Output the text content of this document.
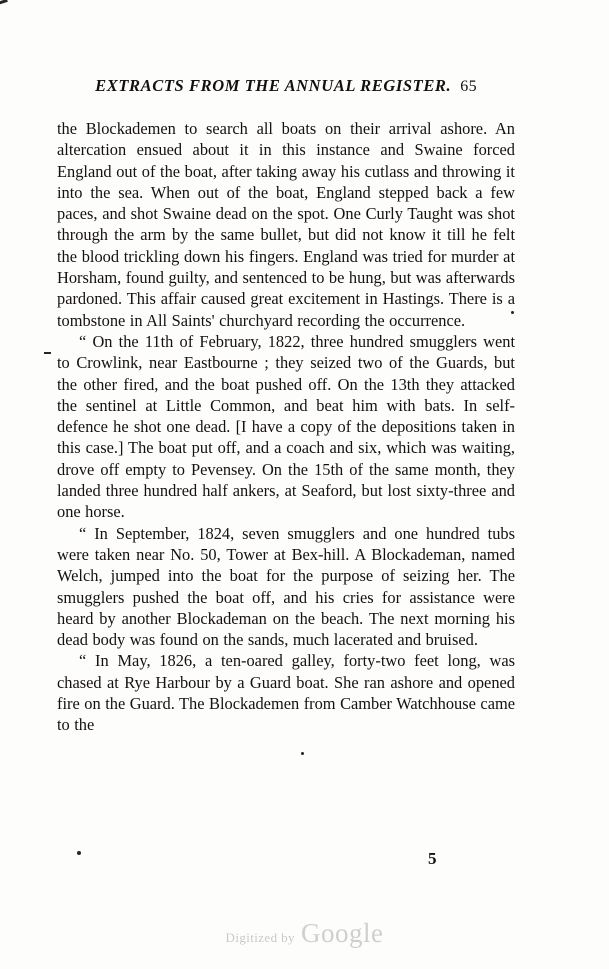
EXTRACTS FROM THE ANNUAL REGISTER. 65

the Blockademen to search all boats on their arrival ashore. An altercation ensued about it in this instance and Swaine forced England out of the boat, after taking away his cutlass and throwing it into the sea. When out of the boat, England stepped back a few paces, and shot Swaine dead on the spot. One Curly Taught was shot through the arm by the same bullet, but did not know it till he felt the blood trickling down his fingers. England was tried for murder at Horsham, found guilty, and sentenced to be hung, but was afterwards pardoned. This affair caused great excitement in Hastings. There is a tombstone in All Saints' churchyard recording the occurrence.

“ On the 11th of February, 1822, three hundred smugglers went to Crowlink, near Eastbourne ; they seized two of the Guards, but the other fired, and the boat pushed off. On the 13th they attacked the sentinel at Little Common, and beat him with bats. In self-defence he shot one dead. [I have a copy of the depositions taken in this case.] The boat put off, and a coach and six, which was waiting, drove off empty to Pevensey. On the 15th of the same month, they landed three hundred half ankers, at Seaford, but lost sixty-three and one horse.

“ In September, 1824, seven smugglers and one hundred tubs were taken near No. 50, Tower at Bex-hill. A Blockademan, named Welch, jumped into the boat for the purpose of seizing her. The smugglers pushed the boat off, and his cries for assistance were heard by another Blockademan on the beach. The next morning his dead body was found on the sands, much lacerated and bruised.

“ In May, 1826, a ten-oared galley, forty-two feet long, was chased at Rye Harbour by a Guard boat. She ran ashore and opened fire on the Guard. The Blockademen from Camber Watchhouse came to the

5
Digitized by Google
